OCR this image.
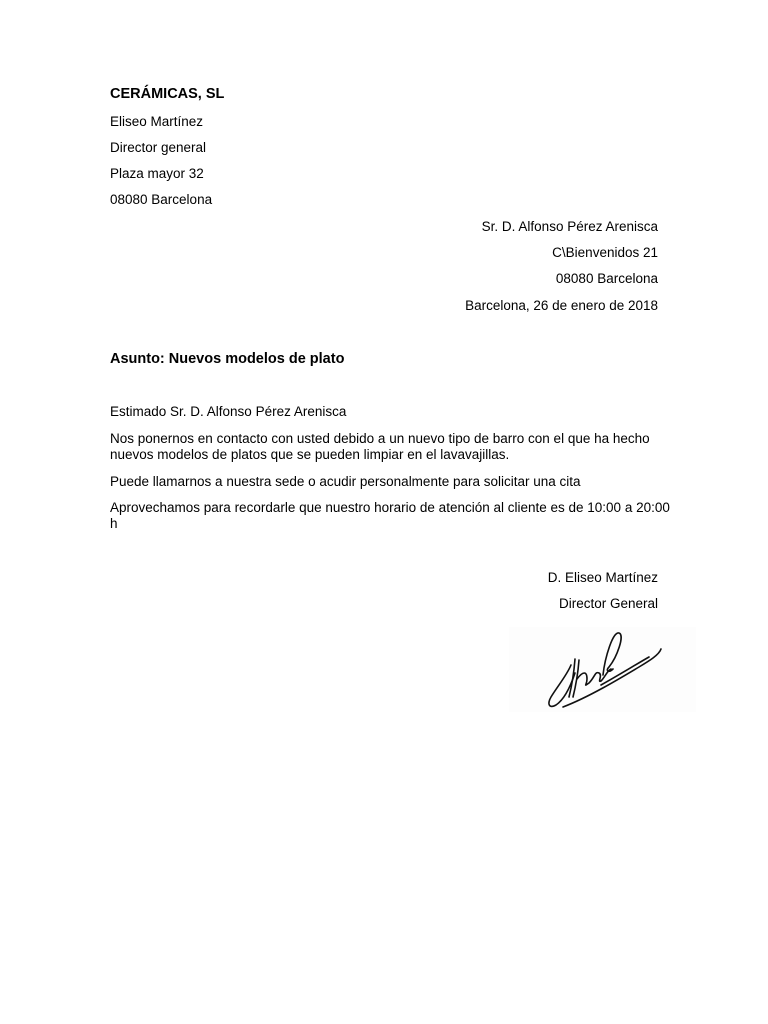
CERÁMICAS, SL
Eliseo Martínez
Director general
Plaza mayor 32
08080 Barcelona
Sr. D. Alfonso Pérez Arenisca
C\Bienvenidos 21
08080 Barcelona
Barcelona, 26 de enero de 2018
Asunto: Nuevos modelos de plato
Estimado Sr. D. Alfonso Pérez Arenisca
Nos ponernos en contacto con usted debido a un nuevo tipo de barro con el que ha hecho nuevos modelos de platos que se pueden limpiar en el lavavajillas.
Puede llamarnos a nuestra sede o acudir personalmente para solicitar una cita
Aprovechamos para recordarle que nuestro horario de atención al cliente es de 10:00 a 20:00 h
D. Eliseo Martínez
Director General
